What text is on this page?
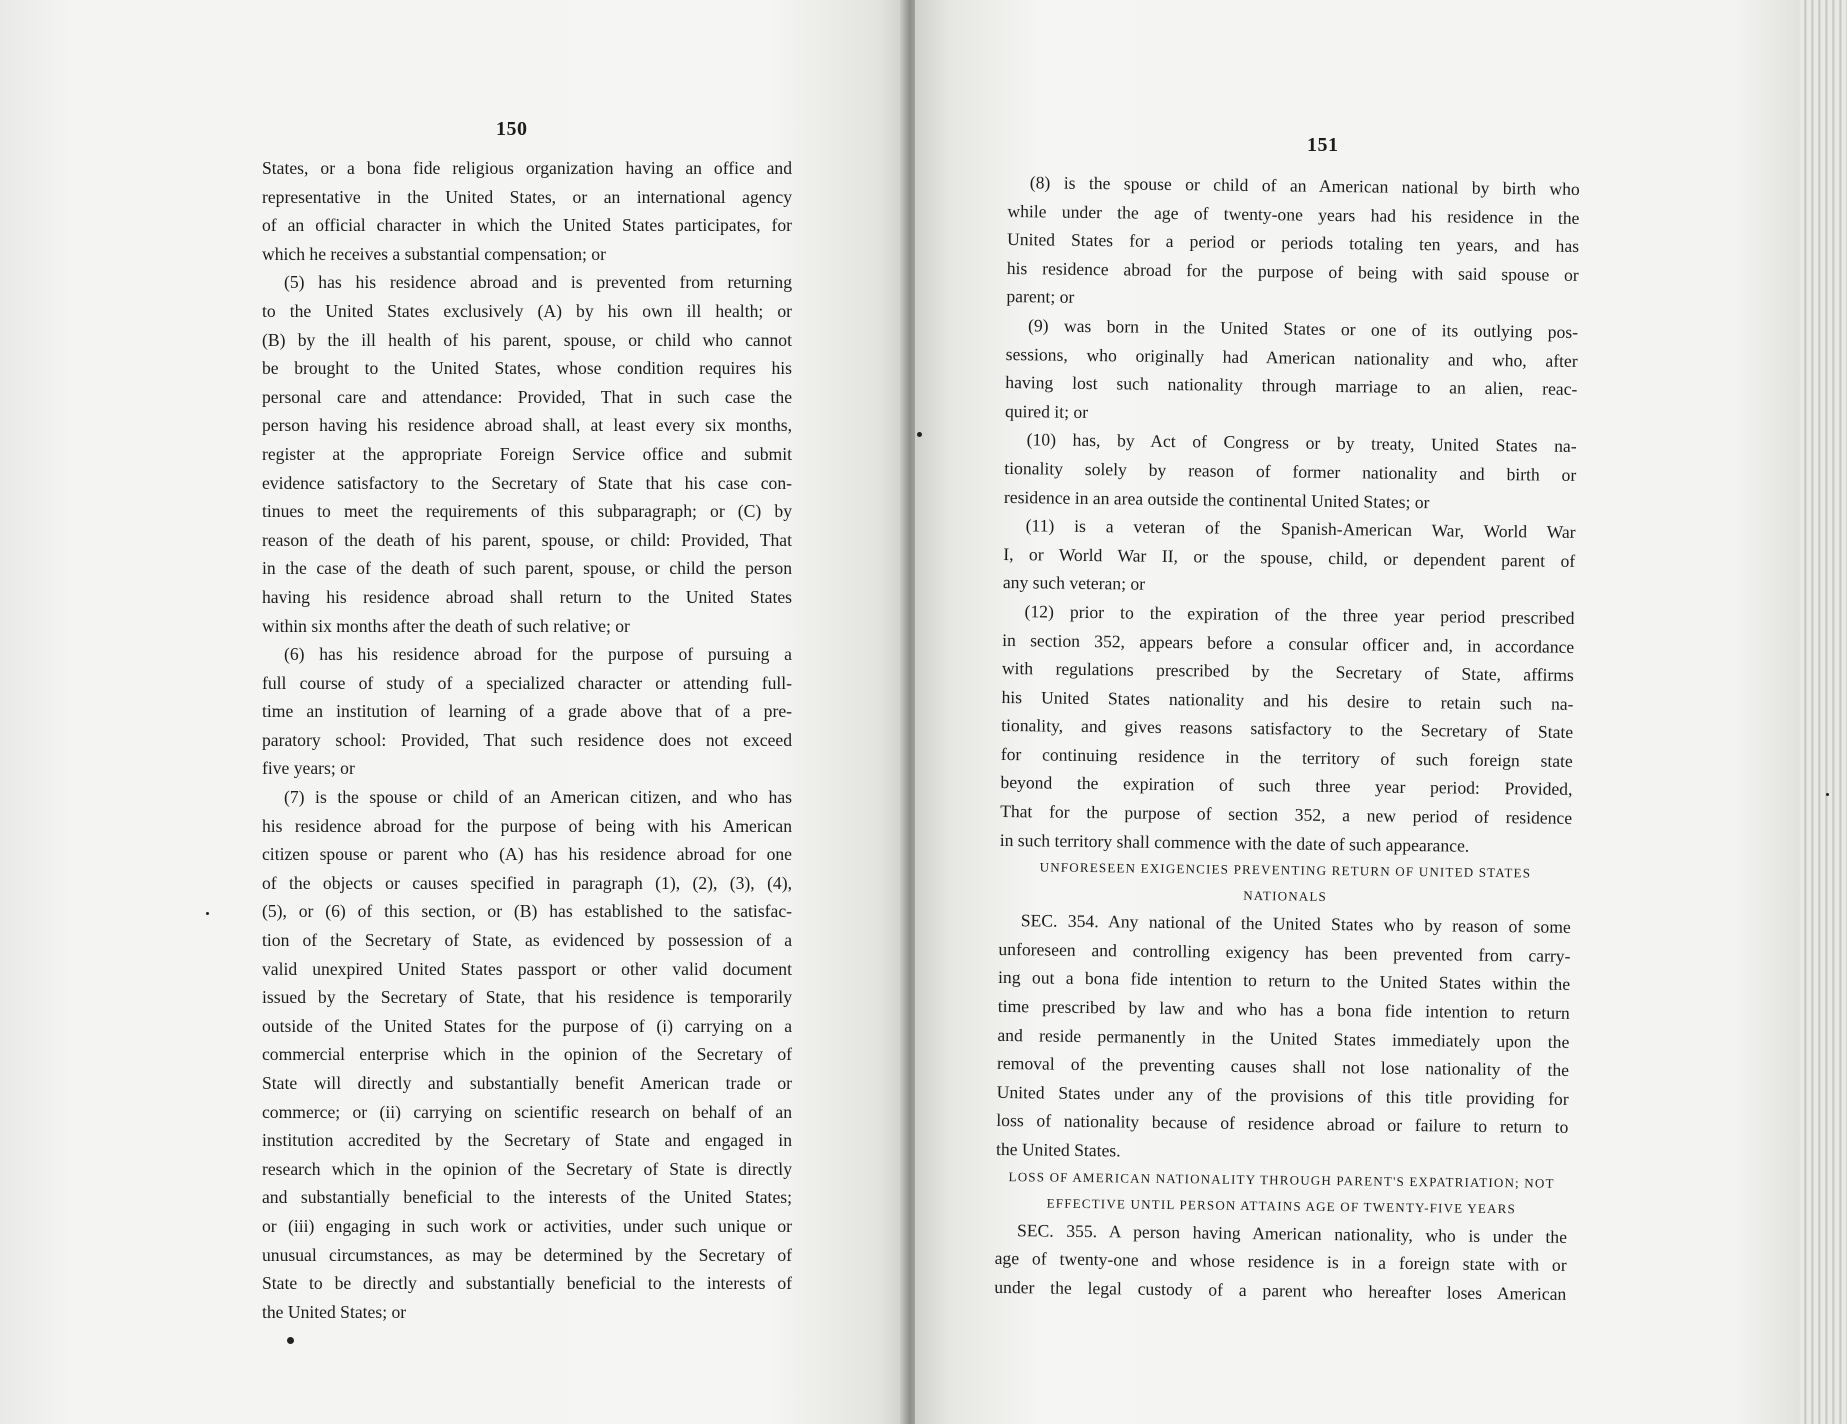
150
States, or a bona fide religious organization having an office and
representative in the United States, or an international agency
of an official character in which the United States participates, for
which he receives a substantial compensation; or
(5) has his residence abroad and is prevented from returning
to the United States exclusively (A) by his own ill health; or
(B) by the ill health of his parent, spouse, or child who cannot
be brought to the United States, whose condition requires his
personal care and attendance: Provided, That in such case the
person having his residence abroad shall, at least every six months,
register at the appropriate Foreign Service office and submit
evidence satisfactory to the Secretary of State that his case con-
tinues to meet the requirements of this subparagraph; or (C) by
reason of the death of his parent, spouse, or child: Provided, That
in the case of the death of such parent, spouse, or child the person
having his residence abroad shall return to the United States
within six months after the death of such relative; or
(6) has his residence abroad for the purpose of pursuing a
full course of study of a specialized character or attending full-
time an institution of learning of a grade above that of a pre-
paratory school: Provided, That such residence does not exceed
five years; or
(7) is the spouse or child of an American citizen, and who has
his residence abroad for the purpose of being with his American
citizen spouse or parent who (A) has his residence abroad for one
of the objects or causes specified in paragraph (1), (2), (3), (4),
(5), or (6) of this section, or (B) has established to the satisfac-
tion of the Secretary of State, as evidenced by possession of a
valid unexpired United States passport or other valid document
issued by the Secretary of State, that his residence is temporarily
outside of the United States for the purpose of (i) carrying on a
commercial enterprise which in the opinion of the Secretary of
State will directly and substantially benefit American trade or
commerce; or (ii) carrying on scientific research on behalf of an
institution accredited by the Secretary of State and engaged in
research which in the opinion of the Secretary of State is directly
and substantially beneficial to the interests of the United States;
or (iii) engaging in such work or activities, under such unique or
unusual circumstances, as may be determined by the Secretary of
State to be directly and substantially beneficial to the interests of
the United States; or
151
(8) is the spouse or child of an American national by birth who
while under the age of twenty-one years had his residence in the
United States for a period or periods totaling ten years, and has
his residence abroad for the purpose of being with said spouse or
parent; or
(9) was born in the United States or one of its outlying pos-
sessions, who originally had American nationality and who, after
having lost such nationality through marriage to an alien, reac-
quired it; or
(10) has, by Act of Congress or by treaty, United States na-
tionality solely by reason of former nationality and birth or
residence in an area outside the continental United States; or
(11) is a veteran of the Spanish-American War, World War
I, or World War II, or the spouse, child, or dependent parent of
any such veteran; or
(12) prior to the expiration of the three year period prescribed
in section 352, appears before a consular officer and, in accordance
with regulations prescribed by the Secretary of State, affirms
his United States nationality and his desire to retain such na-
tionality, and gives reasons satisfactory to the Secretary of State
for continuing residence in the territory of such foreign state
beyond the expiration of such three year period: Provided,
That for the purpose of section 352, a new period of residence
in such territory shall commence with the date of such appearance.
UNFORESEEN EXIGENCIES PREVENTING RETURN OF UNITED STATES
NATIONALS
SEC. 354. Any national of the United States who by reason of some
unforeseen and controlling exigency has been prevented from carry-
ing out a bona fide intention to return to the United States within the
time prescribed by law and who has a bona fide intention to return
and reside permanently in the United States immediately upon the
removal of the preventing causes shall not lose nationality of the
United States under any of the provisions of this title providing for
loss of nationality because of residence abroad or failure to return to
the United States.
LOSS OF AMERICAN NATIONALITY THROUGH PARENT'S EXPATRIATION; NOT
EFFECTIVE UNTIL PERSON ATTAINS AGE OF TWENTY-FIVE YEARS
SEC. 355. A person having American nationality, who is under the
age of twenty-one and whose residence is in a foreign state with or
under the legal custody of a parent who hereafter loses American
